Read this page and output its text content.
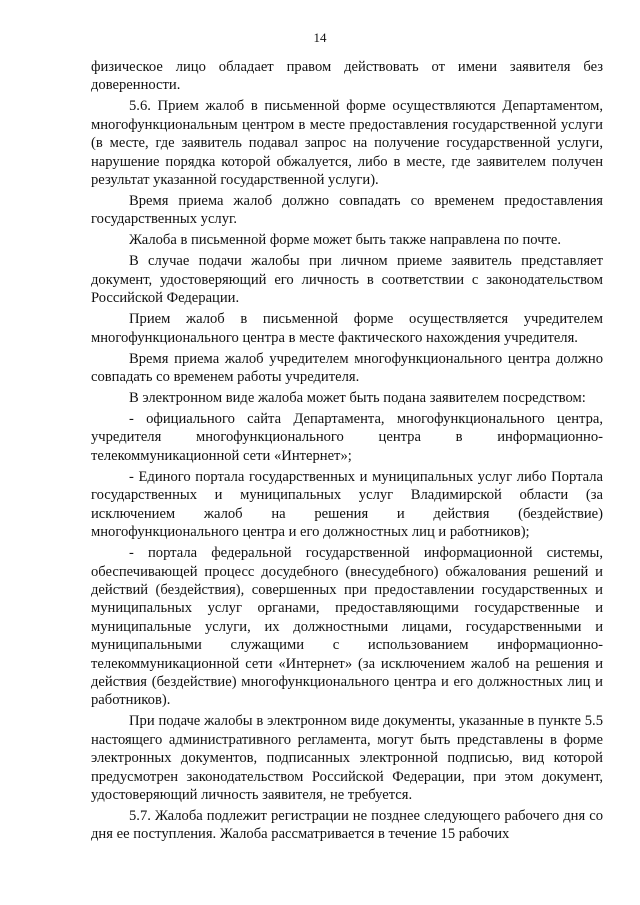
14

физическое лицо обладает правом действовать от имени заявителя без доверенности.

5.6. Прием жалоб в письменной форме осуществляются Департаментом, многофункциональным центром в месте предоставления государственной услуги (в месте, где заявитель подавал запрос на получение государственной услуги, нарушение порядка которой обжалуется, либо в месте, где заявителем получен результат указанной государственной услуги).

Время приема жалоб должно совпадать со временем предоставления государственных услуг.

Жалоба в письменной форме может быть также направлена по почте.

В случае подачи жалобы при личном приеме заявитель представляет документ, удостоверяющий его личность в соответствии с законодательством Российской Федерации.

Прием жалоб в письменной форме осуществляется учредителем многофункционального центра в месте фактического нахождения учредителя.

Время приема жалоб учредителем многофункционального центра должно совпадать со временем работы учредителя.

В электронном виде жалоба может быть подана заявителем посредством:

- официального сайта Департамента, многофункционального центра, учредителя многофункционального центра в информационно-телекоммуникационной сети «Интернет»;

- Единого портала государственных и муниципальных услуг либо Портала государственных и муниципальных услуг Владимирской области (за исключением жалоб на решения и действия (бездействие) многофункционального центра и его должностных лиц и работников);

- портала федеральной государственной информационной системы, обеспечивающей процесс досудебного (внесудебного) обжалования решений и действий (бездействия), совершенных при предоставлении государственных и муниципальных услуг органами, предоставляющими государственные и муниципальные услуги, их должностными лицами, государственными и муниципальными служащими с использованием информационно-телекоммуникационной сети «Интернет» (за исключением жалоб на решения и действия (бездействие) многофункционального центра и его должностных лиц и работников).

При подаче жалобы в электронном виде документы, указанные в пункте 5.5 настоящего административного регламента, могут быть представлены в форме электронных документов, подписанных электронной подписью, вид которой предусмотрен законодательством Российской Федерации, при этом документ, удостоверяющий личность заявителя, не требуется.

5.7. Жалоба подлежит регистрации не позднее следующего рабочего дня со дня ее поступления. Жалоба рассматривается в течение 15 рабочих
